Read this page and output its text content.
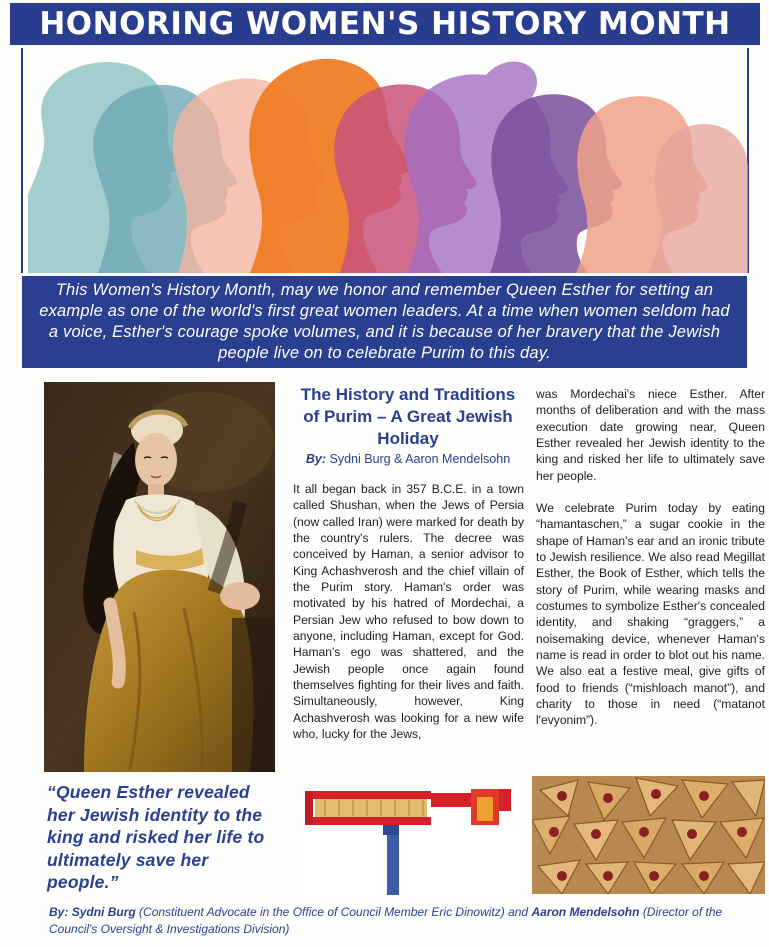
HONORING WOMEN'S HISTORY MONTH
This Women's History Month, may we honor and remember Queen Esther for setting an example as one of the world's first great women leaders. At a time when women seldom had a voice, Esther's courage spoke volumes, and it is because of her bravery that the Jewish people live on to celebrate Purim to this day.

“Queen Esther revealed her Jewish identity to the king and risked her life to ultimately save her people.”

The History and Traditions of Purim – A Great Jewish Holiday
By: Sydni Burg & Aaron Mendelsohn

It all began back in 357 B.C.E. in a town called Shushan, when the Jews of Persia (now called Iran) were marked for death by the country's rulers. The decree was conceived by Haman, a senior advisor to King Achashverosh and the chief villain of the Purim story. Haman's order was motivated by his hatred of Mordechai, a Persian Jew who refused to bow down to anyone, including Haman, except for God. Haman's ego was shattered, and the Jewish people once again found themselves fighting for their lives and faith. Simultaneously, however, King Achashverosh was looking for a new wife who, lucky for the Jews,

was Mordechai's niece Esther. After months of deliberation and with the mass execution date growing near, Queen Esther revealed her Jewish identity to the king and risked her life to ultimately save her people.

We celebrate Purim today by eating “hamantaschen,” a sugar cookie in the shape of Haman's ear and an ironic tribute to Jewish resilience. We also read Megillat Esther, the Book of Esther, which tells the story of Purim, while wearing masks and costumes to symbolize Esther's concealed identity, and shaking “graggers,” a noisemaking device, whenever Haman's name is read in order to blot out his name. We also eat a festive meal, give gifts of food to friends (“mishloach manot”), and charity to those in need (“matanot l'evyonim”).

By: Sydni Burg (Constituent Advocate in the Office of Council Member Eric Dinowitz) and Aaron Mendelsohn (Director of the Council's Oversight & Investigations Division)
